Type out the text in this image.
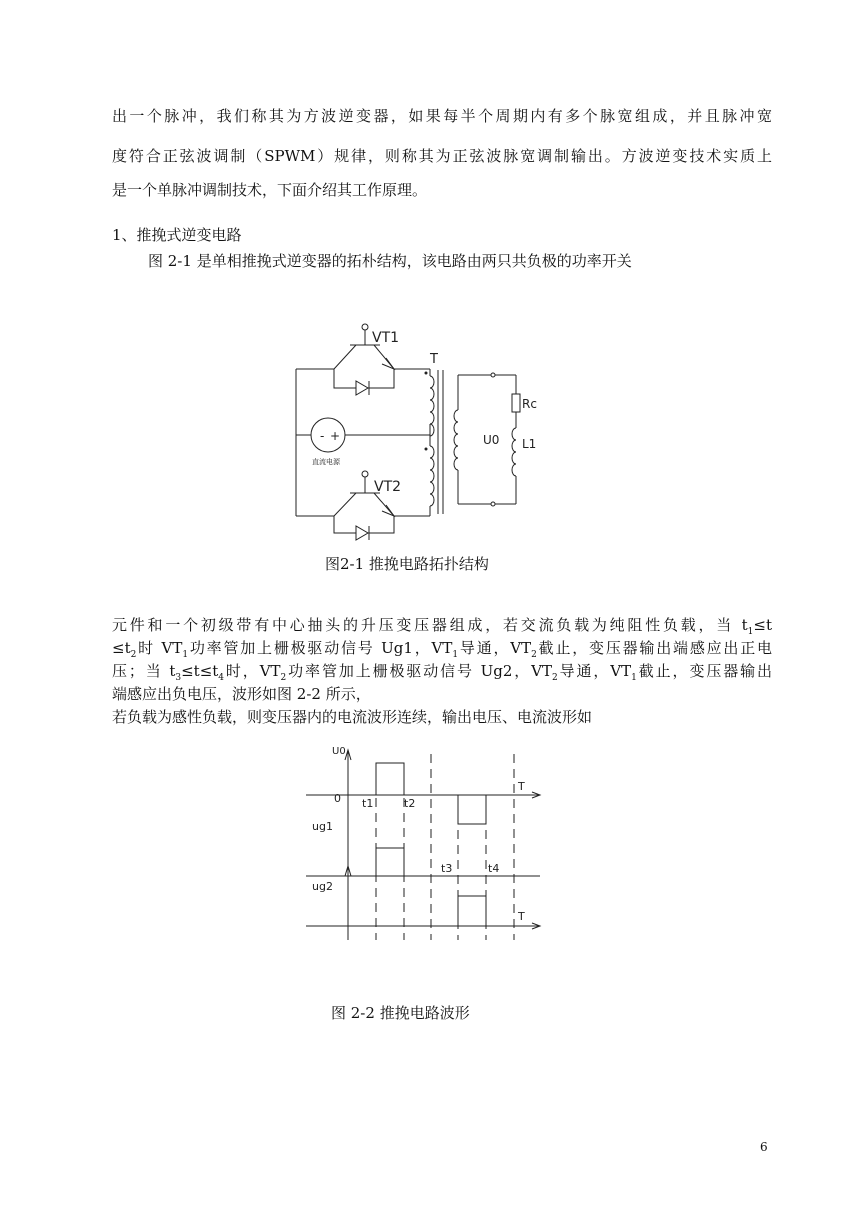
出一个脉冲，我们称其为方波逆变器，如果每半个周期内有多个脉宽组成，并且脉冲宽

度符合正弦波调制（SPWM）规律，则称其为正弦波脉宽调制输出。方波逆变技术实质上

是一个单脉冲调制技术，下面介绍其工作原理。

1、推挽式逆变电路

图 2-1 是单相推挽式逆变器的拓朴结构，该电路由两只共负极的功率开关

VT1
VT2
T
Rc
U0 L1
- +
直流电源

图2-1 推挽电路拓扑结构

元件和一个初级带有中心抽头的升压变压器组成，若交流负载为纯阻性负载，当 $t_1\le t$
$\le t_2$时 $VT_1$功率管加上栅极驱动信号 Ug1，$VT_1$导通，$VT_2$截止，变压器输出端感应出正电
压；当 $t_3\le t\le t_4$时，$VT_2$功率管加上栅极驱动信号 Ug2，$VT_2$导通，$VT_1$截止，变压器输出
端感应出负电压，波形如图 2-2 所示，
若负载为感性负载，则变压器内的电流波形连续，输出电压、电流波形如
U0
0 t1	t2
t3	t4
ug1
ug2
T
T

图 2-2 推挽电路波形

6
